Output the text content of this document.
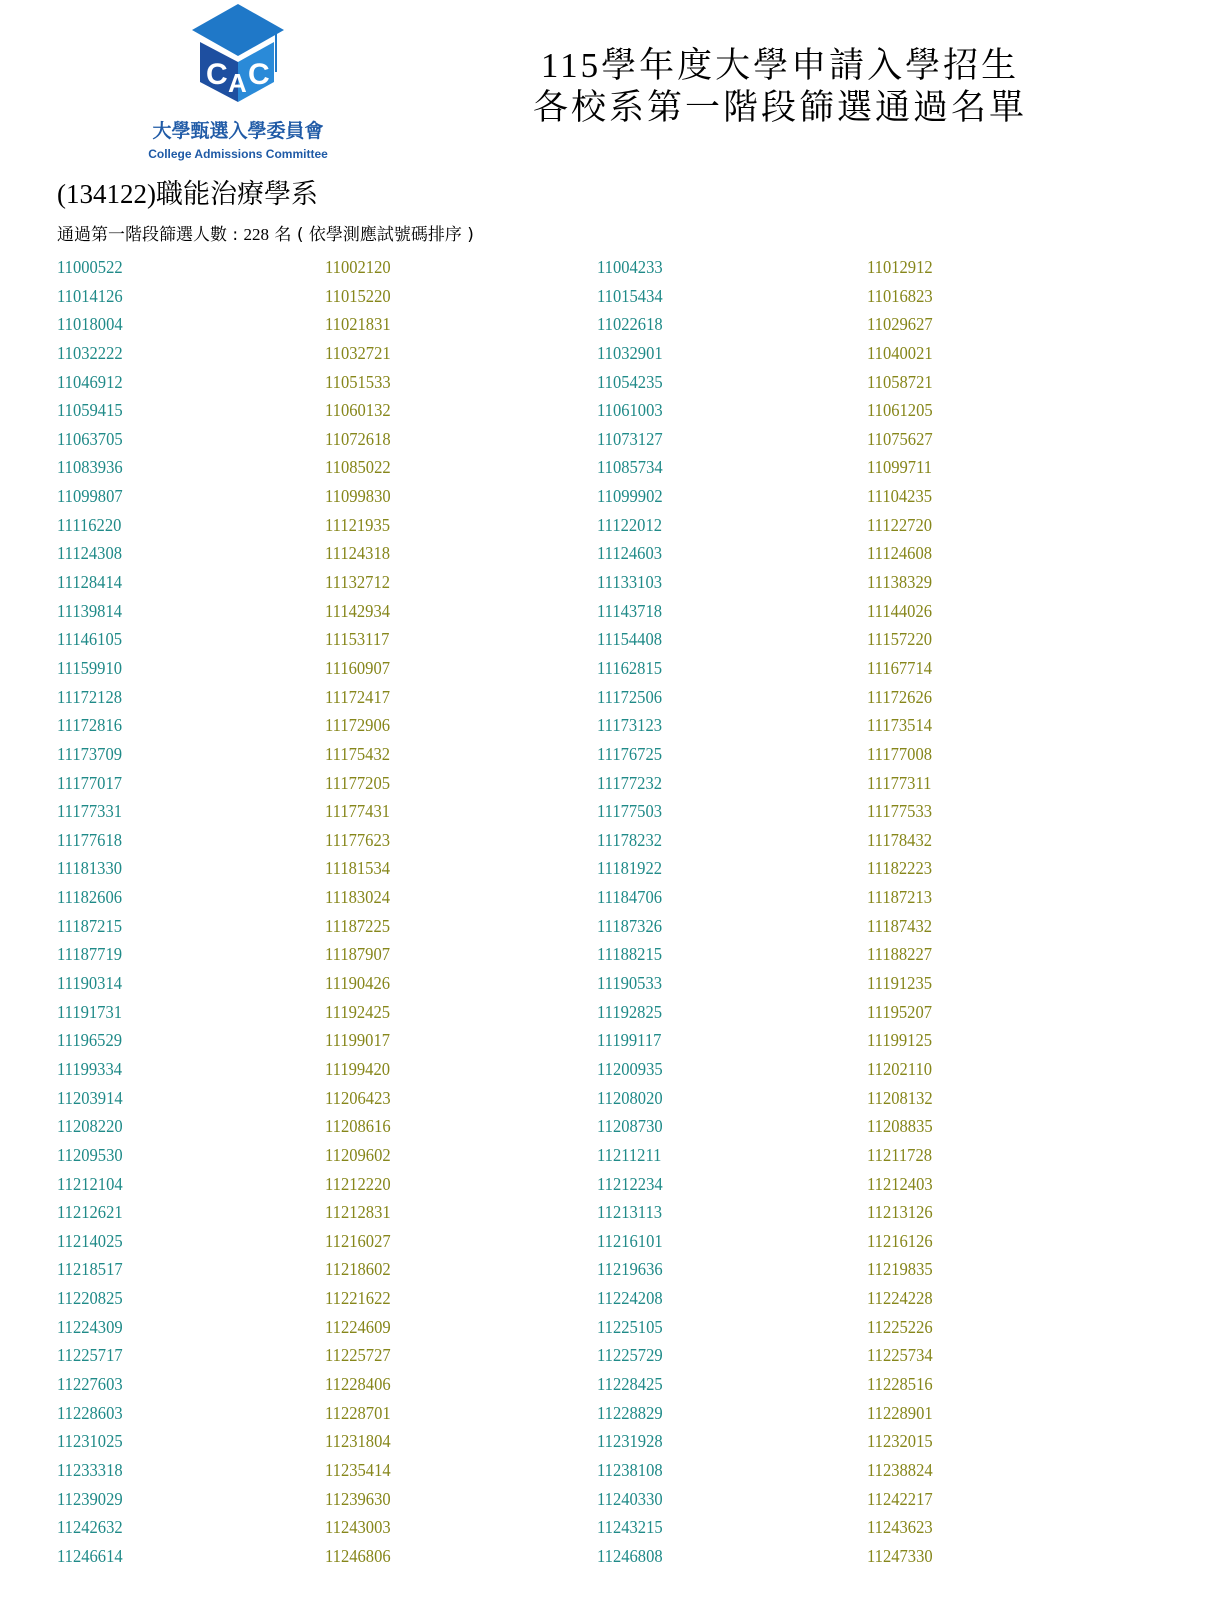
C A C
大學甄選入學委員會
College Admissions Committee
115學年度大學申請入學招生
各校系第一階段篩選通過名單
(134122)職能治療學系
通過第一階段篩選人數 : 228 名 ( 依學測應試號碼排序 )
11000522	11002120	11004233	11012912
11014126	11015220	11015434	11016823
11018004	11021831	11022618	11029627
11032222	11032721	11032901	11040021
11046912	11051533	11054235	11058721
11059415	11060132	11061003	11061205
11063705	11072618	11073127	11075627
11083936	11085022	11085734	11099711
11099807	11099830	11099902	11104235
11116220	11121935	11122012	11122720
11124308	11124318	11124603	11124608
11128414	11132712	11133103	11138329
11139814	11142934	11143718	11144026
11146105	11153117	11154408	11157220
11159910	11160907	11162815	11167714
11172128	11172417	11172506	11172626
11172816	11172906	11173123	11173514
11173709	11175432	11176725	11177008
11177017	11177205	11177232	11177311
11177331	11177431	11177503	11177533
11177618	11177623	11178232	11178432
11181330	11181534	11181922	11182223
11182606	11183024	11184706	11187213
11187215	11187225	11187326	11187432
11187719	11187907	11188215	11188227
11190314	11190426	11190533	11191235
11191731	11192425	11192825	11195207
11196529	11199017	11199117	11199125
11199334	11199420	11200935	11202110
11203914	11206423	11208020	11208132
11208220	11208616	11208730	11208835
11209530	11209602	11211211	11211728
11212104	11212220	11212234	11212403
11212621	11212831	11213113	11213126
11214025	11216027	11216101	11216126
11218517	11218602	11219636	11219835
11220825	11221622	11224208	11224228
11224309	11224609	11225105	11225226
11225717	11225727	11225729	11225734
11227603	11228406	11228425	11228516
11228603	11228701	11228829	11228901
11231025	11231804	11231928	11232015
11233318	11235414	11238108	11238824
11239029	11239630	11240330	11242217
11242632	11243003	11243215	11243623
11246614	11246806	11246808	11247330
